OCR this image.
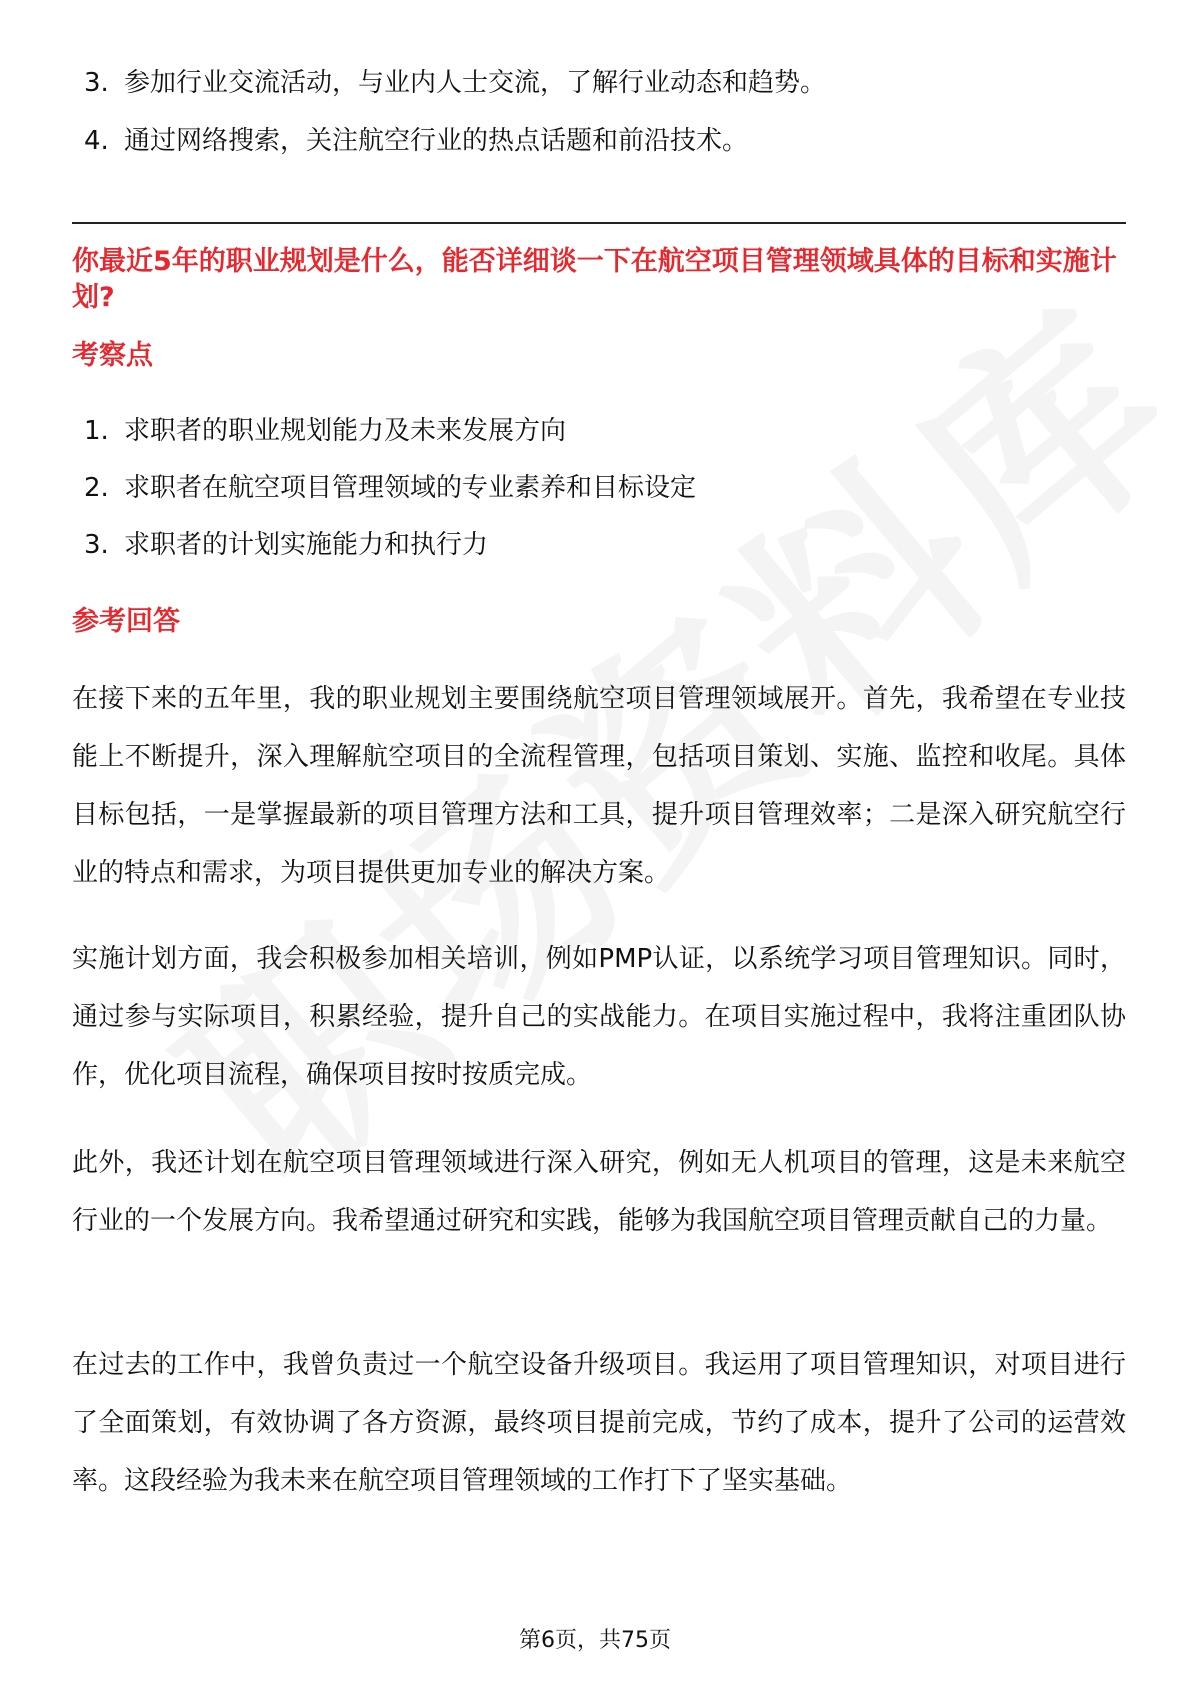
3. 参加行业交流活动，与业内人士交流，了解行业动态和趋势。
4. 通过网络搜索，关注航空行业的热点话题和前沿技术。
你最近5年的职业规划是什么，能否详细谈一下在航空项目管理领域具体的目标和实施计划?
考察点
1. 求职者的职业规划能力及未来发展方向
2. 求职者在航空项目管理领域的专业素养和目标设定
3. 求职者的计划实施能力和执行力
参考回答

在接下来的五年里，我的职业规划主要围绕航空项目管理领域展开。首先，我希望在专业技能上不断提升，深入理解航空项目的全流程管理，包括项目策划、实施、监控和收尾。具体目标包括，一是掌握最新的项目管理方法和工具，提升项目管理效率；二是深入研究航空行业的特点和需求，为项目提供更加专业的解决方案。

实施计划方面，我会积极参加相关培训，例如PMP认证，以系统学习项目管理知识。同时，通过参与实际项目，积累经验，提升自己的实战能力。在项目实施过程中，我将注重团队协作，优化项目流程，确保项目按时按质完成。

此外，我还计划在航空项目管理领域进行深入研究，例如无人机项目的管理，这是未来航空行业的一个发展方向。我希望通过研究和实践，能够为我国航空项目管理贡献自己的力量。

在过去的工作中，我曾负责过一个航空设备升级项目。我运用了项目管理知识，对项目进行了全面策划，有效协调了各方资源，最终项目提前完成，节约了成本，提升了公司的运营效率。这段经验为我未来在航空项目管理领域的工作打下了坚实基础。

第6页，共75页
